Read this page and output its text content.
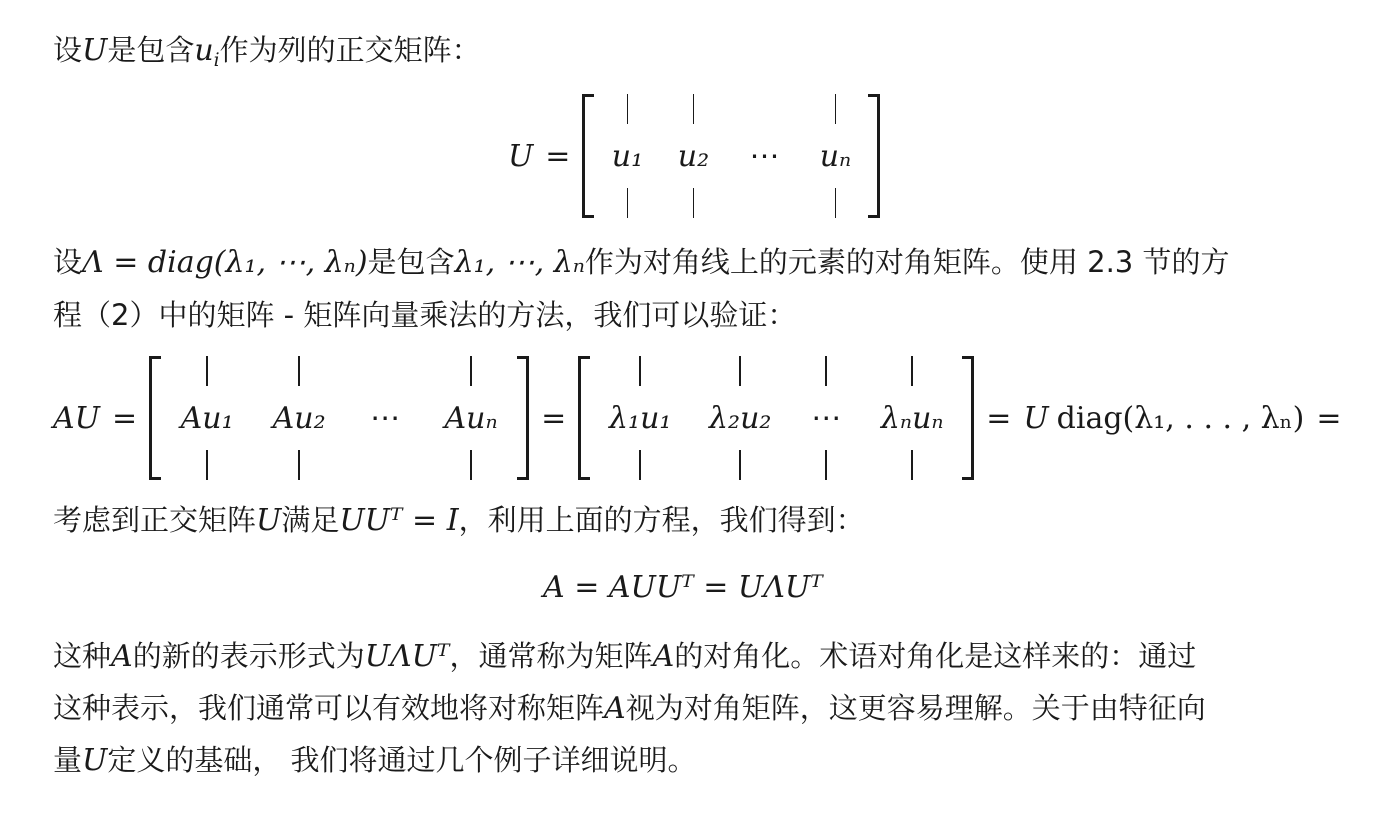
设U是包含$u_i$作为列的正交矩阵：
U =	u₁ u₂ ⋯ uₙ
设Λ = diag(λ₁, ⋯, λₙ)是包含λ₁, ⋯, λₙ作为对角线上的元素的对角矩阵。使用 2.3 节的方
程（2）中的矩阵 - 矩阵向量乘法的方法，我们可以验证：
AU =	Au₁ Au₂ ⋯ Auₙ	=	λ₁u₁ λ₂u₂ ⋯ λₙuₙ	= U diag(λ₁, . . . , λₙ) =
考虑到正交矩阵U满足UUᵀ = I，利用上面的方程，我们得到：
A = AUUᵀ = UΛUᵀ
这种A的新的表示形式为UΛUᵀ，通常称为矩阵A的对角化。术语对角化是这样来的：通过
这种表示，我们通常可以有效地将对称矩阵A视为对角矩阵，这更容易理解。关于由特征向
量U定义的基础， 我们将通过几个例子详细说明。
